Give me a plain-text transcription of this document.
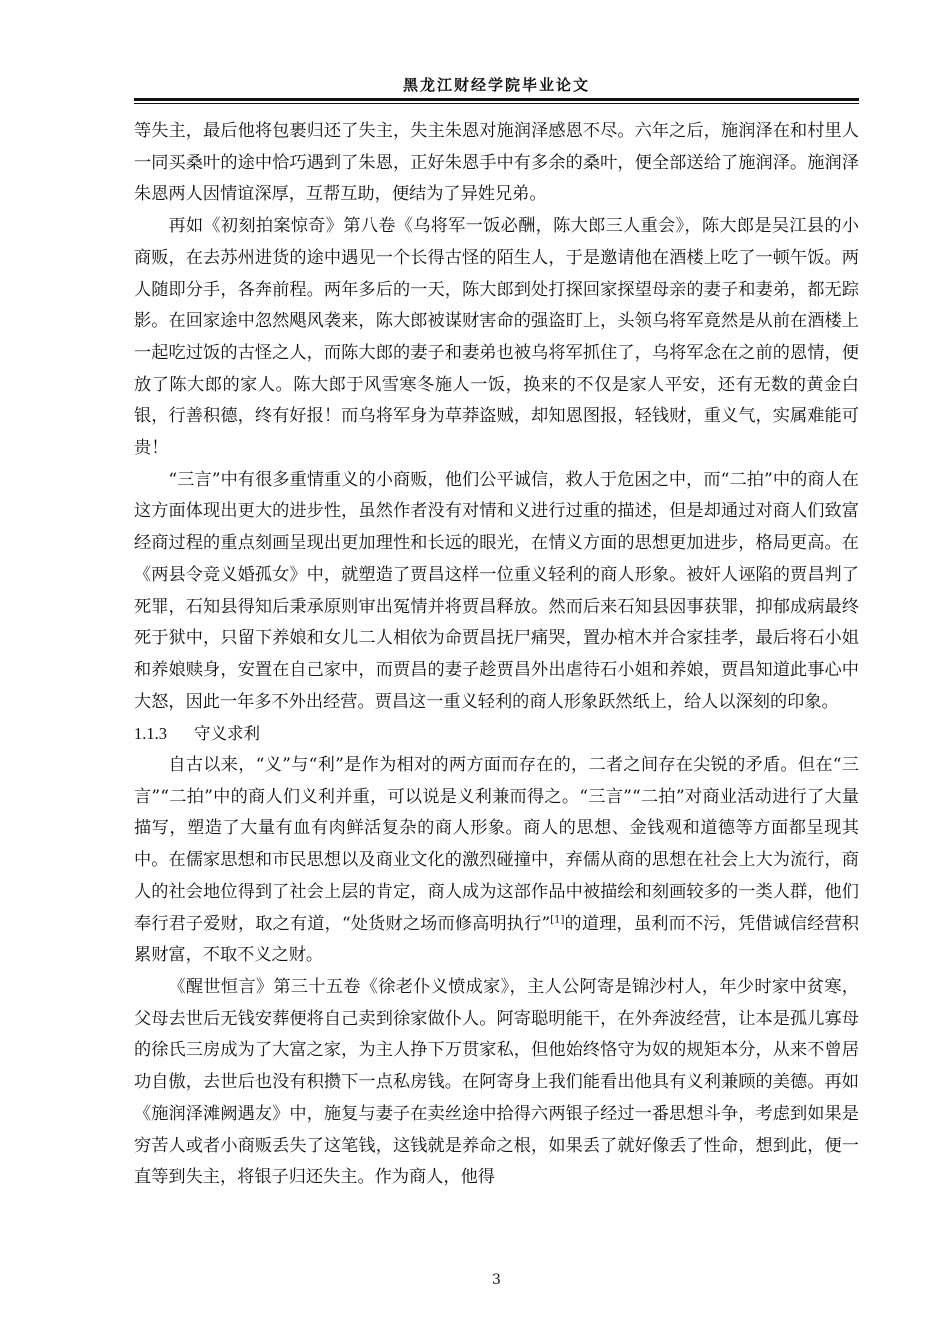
黑龙江财经学院毕业论文

等失主，最后他将包裹归还了失主，失主朱恩对施润泽感恩不尽。六年之后，施润泽在和村里人一同买桑叶的途中恰巧遇到了朱恩，正好朱恩手中有多余的桑叶，便全部送给了施润泽。施润泽朱恩两人因情谊深厚，互帮互助，便结为了异姓兄弟。

再如《初刻拍案惊奇》第八卷《乌将军一饭必酬，陈大郎三人重会》，陈大郎是吴江县的小商贩，在去苏州进货的途中遇见一个长得古怪的陌生人，于是邀请他在酒楼上吃了一顿午饭。两人随即分手，各奔前程。两年多后的一天，陈大郎到处打探回家探望母亲的妻子和妻弟，都无踪影。在回家途中忽然飓风袭来，陈大郎被谋财害命的强盗盯上，头领乌将军竟然是从前在酒楼上一起吃过饭的古怪之人，而陈大郎的妻子和妻弟也被乌将军抓住了，乌将军念在之前的恩情，便放了陈大郎的家人。陈大郎于风雪寒冬施人一饭，换来的不仅是家人平安，还有无数的黄金白银，行善积德，终有好报！而乌将军身为草莽盗贼，却知恩图报，轻钱财，重义气，实属难能可贵！

“三言”中有很多重情重义的小商贩，他们公平诚信，救人于危困之中，而“二拍”中的商人在这方面体现出更大的进步性，虽然作者没有对情和义进行过重的描述，但是却通过对商人们致富经商过程的重点刻画呈现出更加理性和长远的眼光，在情义方面的思想更加进步，格局更高。在《两县令竞义婚孤女》中，就塑造了贾昌这样一位重义轻利的商人形象。被奸人诬陷的贾昌判了死罪，石知县得知后秉承原则审出冤情并将贾昌释放。然而后来石知县因事获罪，抑郁成病最终死于狱中，只留下养娘和女儿二人相依为命贾昌抚尸痛哭，置办棺木并合家挂孝，最后将石小姐和养娘赎身，安置在自己家中，而贾昌的妻子趁贾昌外出虐待石小姐和养娘，贾昌知道此事心中大怒，因此一年多不外出经营。贾昌这一重义轻利的商人形象跃然纸上，给人以深刻的印象。

1.1.3 守义求利

自古以来，“义”与“利”是作为相对的两方面而存在的，二者之间存在尖锐的矛盾。但在“三言”“二拍”中的商人们义利并重，可以说是义利兼而得之。“三言”“二拍”对商业活动进行了大量描写，塑造了大量有血有肉鲜活复杂的商人形象。商人的思想、金钱观和道德等方面都呈现其中。在儒家思想和市民思想以及商业文化的激烈碰撞中，弃儒从商的思想在社会上大为流行，商人的社会地位得到了社会上层的肯定，商人成为这部作品中被描绘和刻画较多的一类人群，他们奉行君子爱财，取之有道，“处货财之场而修高明执行”[1]的道理，虽利而不污，凭借诚信经营积累财富，不取不义之财。

《醒世恒言》第三十五卷《徐老仆义愤成家》，主人公阿寄是锦沙村人，年少时家中贫寒，父母去世后无钱安葬便将自己卖到徐家做仆人。阿寄聪明能干，在外奔波经营，让本是孤儿寡母的徐氏三房成为了大富之家，为主人挣下万贯家私，但他始终恪守为奴的规矩本分，从来不曾居功自傲，去世后也没有积攒下一点私房钱。在阿寄身上我们能看出他具有义利兼顾的美德。再如《施润泽滩阙遇友》中，施复与妻子在卖丝途中拾得六两银子经过一番思想斗争，考虑到如果是穷苦人或者小商贩丢失了这笔钱，这钱就是养命之根，如果丢了就好像丢了性命，想到此，便一直等到失主，将银子归还失主。作为商人，他得

3
